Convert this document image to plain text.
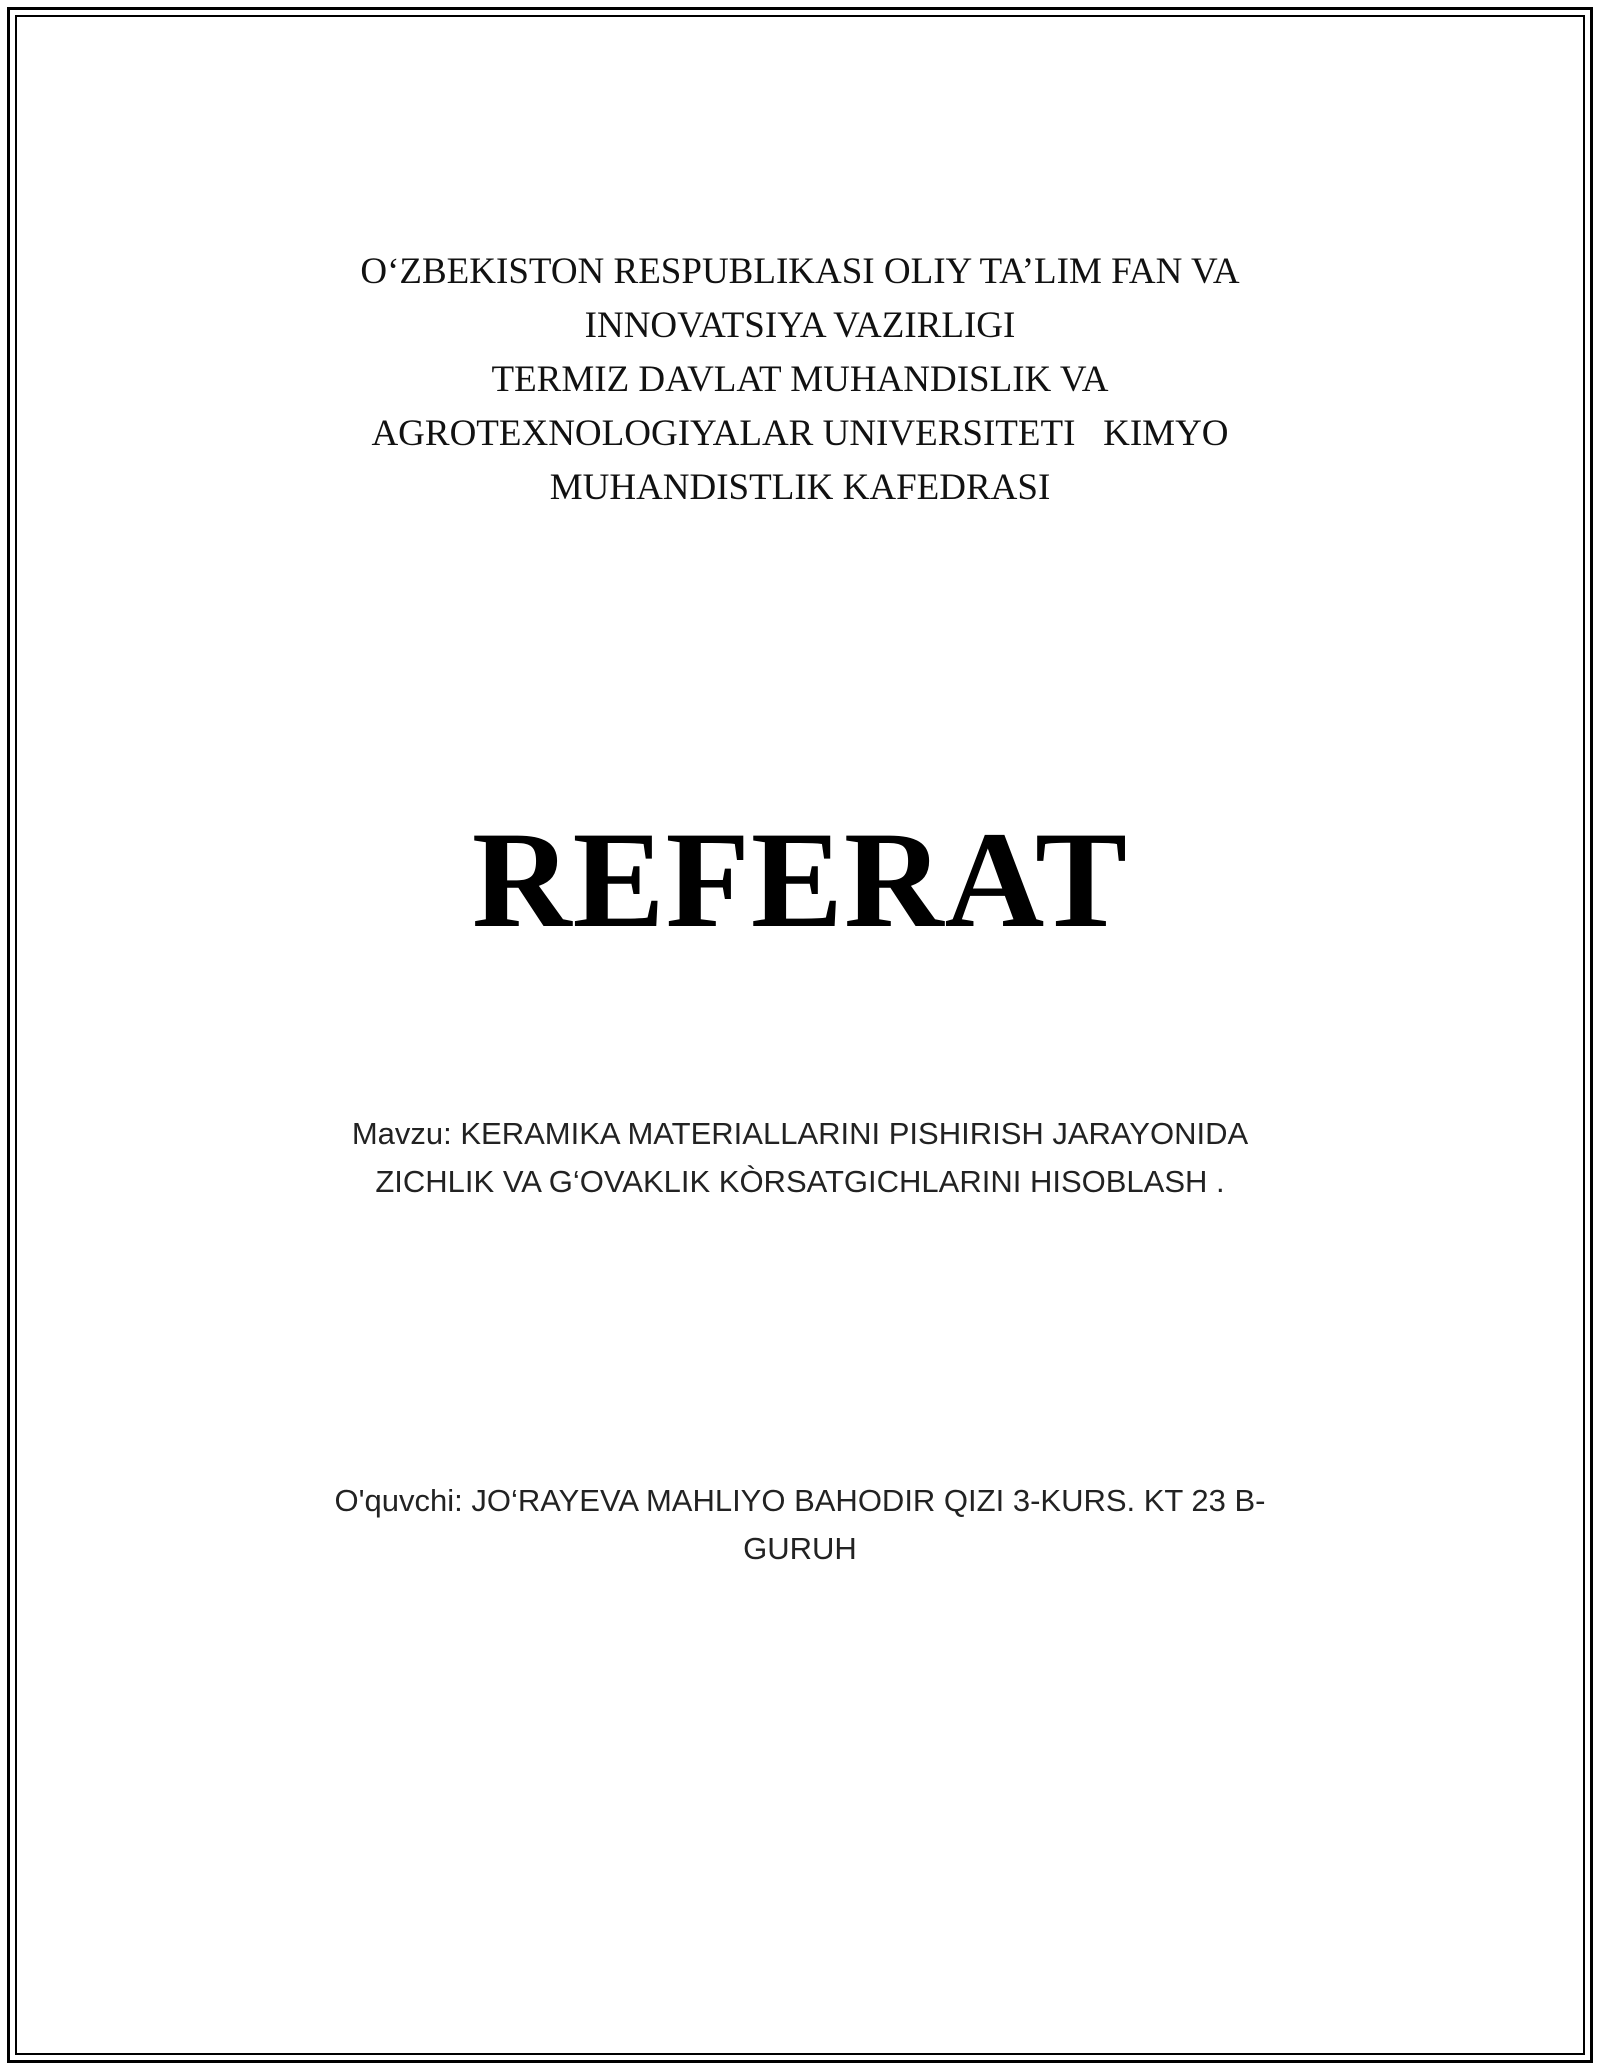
O‘ZBEKISTON RESPUBLIKASI OLIY TA’LIM FAN VA
INNOVATSIYA VAZIRLIGI
TERMIZ DAVLAT MUHANDISLIK VA
AGROTEXNOLOGIYALAR UNIVERSITETI   KIMYO
MUHANDISTLIK KAFEDRASI
REFERAT
Mavzu: KERAMIKA MATERIALLARINI PISHIRISH JARAYONIDA
ZICHLIK VA G‘OVAKLIK KÒRSATGICHLARINI HISOBLASH .
O'quvchi: JO‘RAYEVA MAHLIYO BAHODIR QIZI 3-KURS. KT 23 B-
GURUH
